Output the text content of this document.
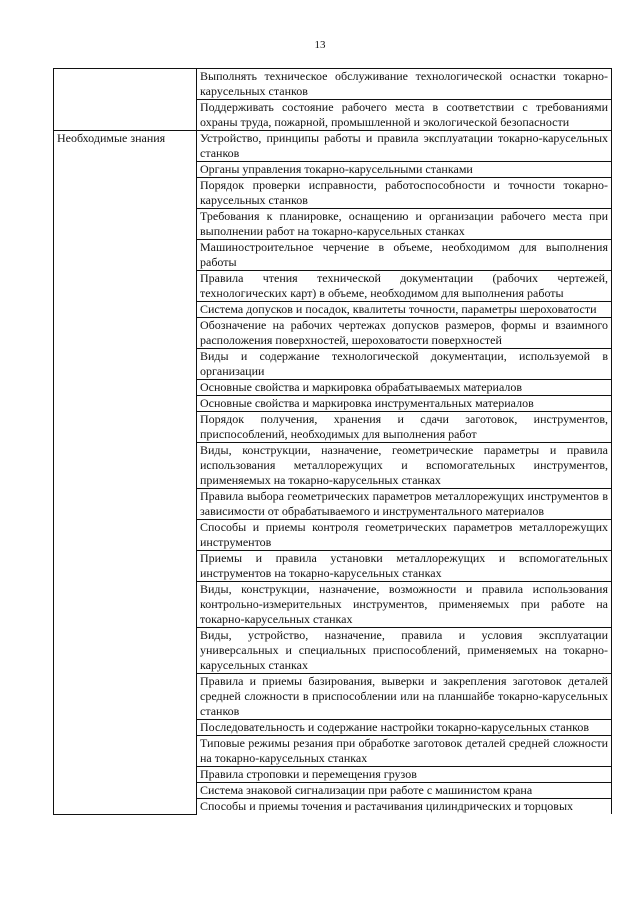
13
	Выполнять техническое обслуживание технологической оснастки токарно-карусельных станков
	Поддерживать состояние рабочего места в соответствии с требованиями охраны труда, пожарной, промышленной и экологической безопасности
Необходимые знания	Устройство, принципы работы и правила эксплуатации токарно-карусельных станков
	Органы управления токарно-карусельными станками
	Порядок проверки исправности, работоспособности и точности токарно-карусельных станков
	Требования к планировке, оснащению и организации рабочего места при выполнении работ на токарно-карусельных станках
	Машиностроительное черчение в объеме, необходимом для выполнения работы
	Правила чтения технической документации (рабочих чертежей, технологических карт) в объеме, необходимом для выполнения работы
	Система допусков и посадок, квалитеты точности, параметры шероховатости
	Обозначение на рабочих чертежах допусков размеров, формы и взаимного расположения поверхностей, шероховатости поверхностей
	Виды и содержание технологической документации, используемой в организации
	Основные свойства и маркировка обрабатываемых материалов
	Основные свойства и маркировка инструментальных материалов
	Порядок получения, хранения и сдачи заготовок, инструментов, приспособлений, необходимых для выполнения работ
	Виды, конструкции, назначение, геометрические параметры и правила использования металлорежущих и вспомогательных инструментов, применяемых на токарно-карусельных станках
	Правила выбора геометрических параметров металлорежущих инструментов в зависимости от обрабатываемого и инструментального материалов
	Способы и приемы контроля геометрических параметров металлорежущих инструментов
	Приемы и правила установки металлорежущих и вспомогательных инструментов на токарно-карусельных станках
	Виды, конструкции, назначение, возможности и правила использования контрольно-измерительных инструментов, применяемых при работе на токарно-карусельных станках
	Виды, устройство, назначение, правила и условия эксплуатации универсальных и специальных приспособлений, применяемых на токарно-карусельных станках
	Правила и приемы базирования, выверки и закрепления заготовок деталей средней сложности в приспособлении или на планшайбе токарно-карусельных станков
	Последовательность и содержание настройки токарно-карусельных станков
	Типовые режимы резания при обработке заготовок деталей средней сложности на токарно-карусельных станках
	Правила строповки и перемещения грузов
	Система знаковой сигнализации при работе с машинистом крана
	Способы и приемы точения и растачивания цилиндрических и торцовых
